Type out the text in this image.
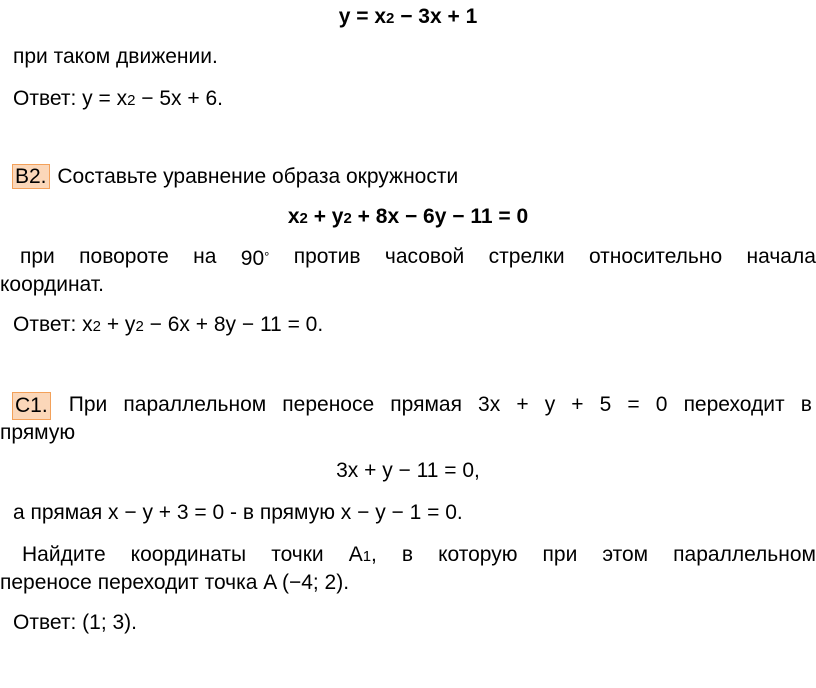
y = x2 − 3x + 1
при таком движении.
Ответ: y = x2 − 5x + 6.
B2. Составьте уравнение образа окружности
x2 + y2 + 8x − 6y − 11 = 0
при повороте на 90° против часовой стрелки относительно начала
координат.
Ответ: x2 + y2 − 6x + 8y − 11 = 0.
C1. При параллельном переносе прямая 3x + y + 5 = 0 переходит в
прямую
3x + y − 11 = 0,
а прямая x − y + 3 = 0 - в прямую x − y − 1 = 0.
Найдите координаты точки A1, в которую при этом параллельном
переносе переходит точка A (−4; 2).
Ответ: (1; 3).
